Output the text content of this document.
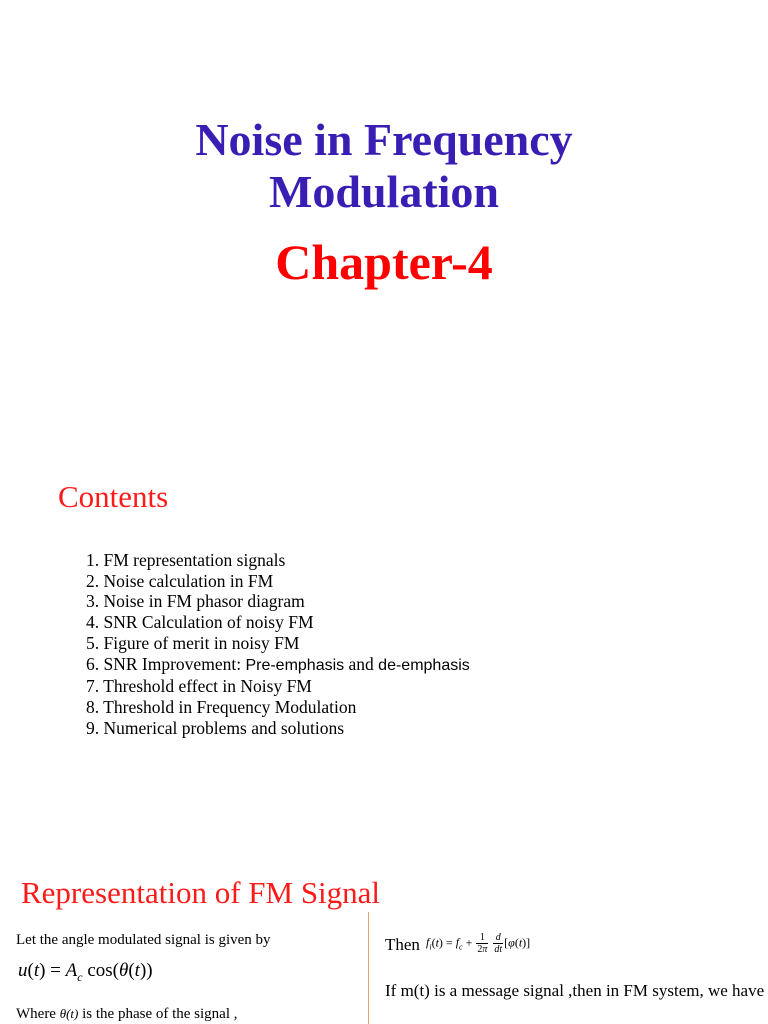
Noise in Frequency
Modulation
Chapter-4
Contents
1. FM representation signals
2. Noise calculation in FM
3. Noise in FM phasor diagram
4. SNR Calculation of noisy FM
5. Figure of merit in noisy FM
6. SNR Improvement: Pre-emphasis and de-emphasis
7. Threshold effect in Noisy FM
8. Threshold in Frequency Modulation
9. Numerical problems and solutions
Representation of FM Signal
Let the angle modulated signal is given by
$u(t) = A_c$ cos(θ(t))
Where θ(t) is the phase of the signal ,
Then $f_i(t) = f_c + \frac{1}{2\pi}$
$\frac{d}{dt} [\varphi(t)]$
If m(t) is a message signal ,then in FM system, we have
